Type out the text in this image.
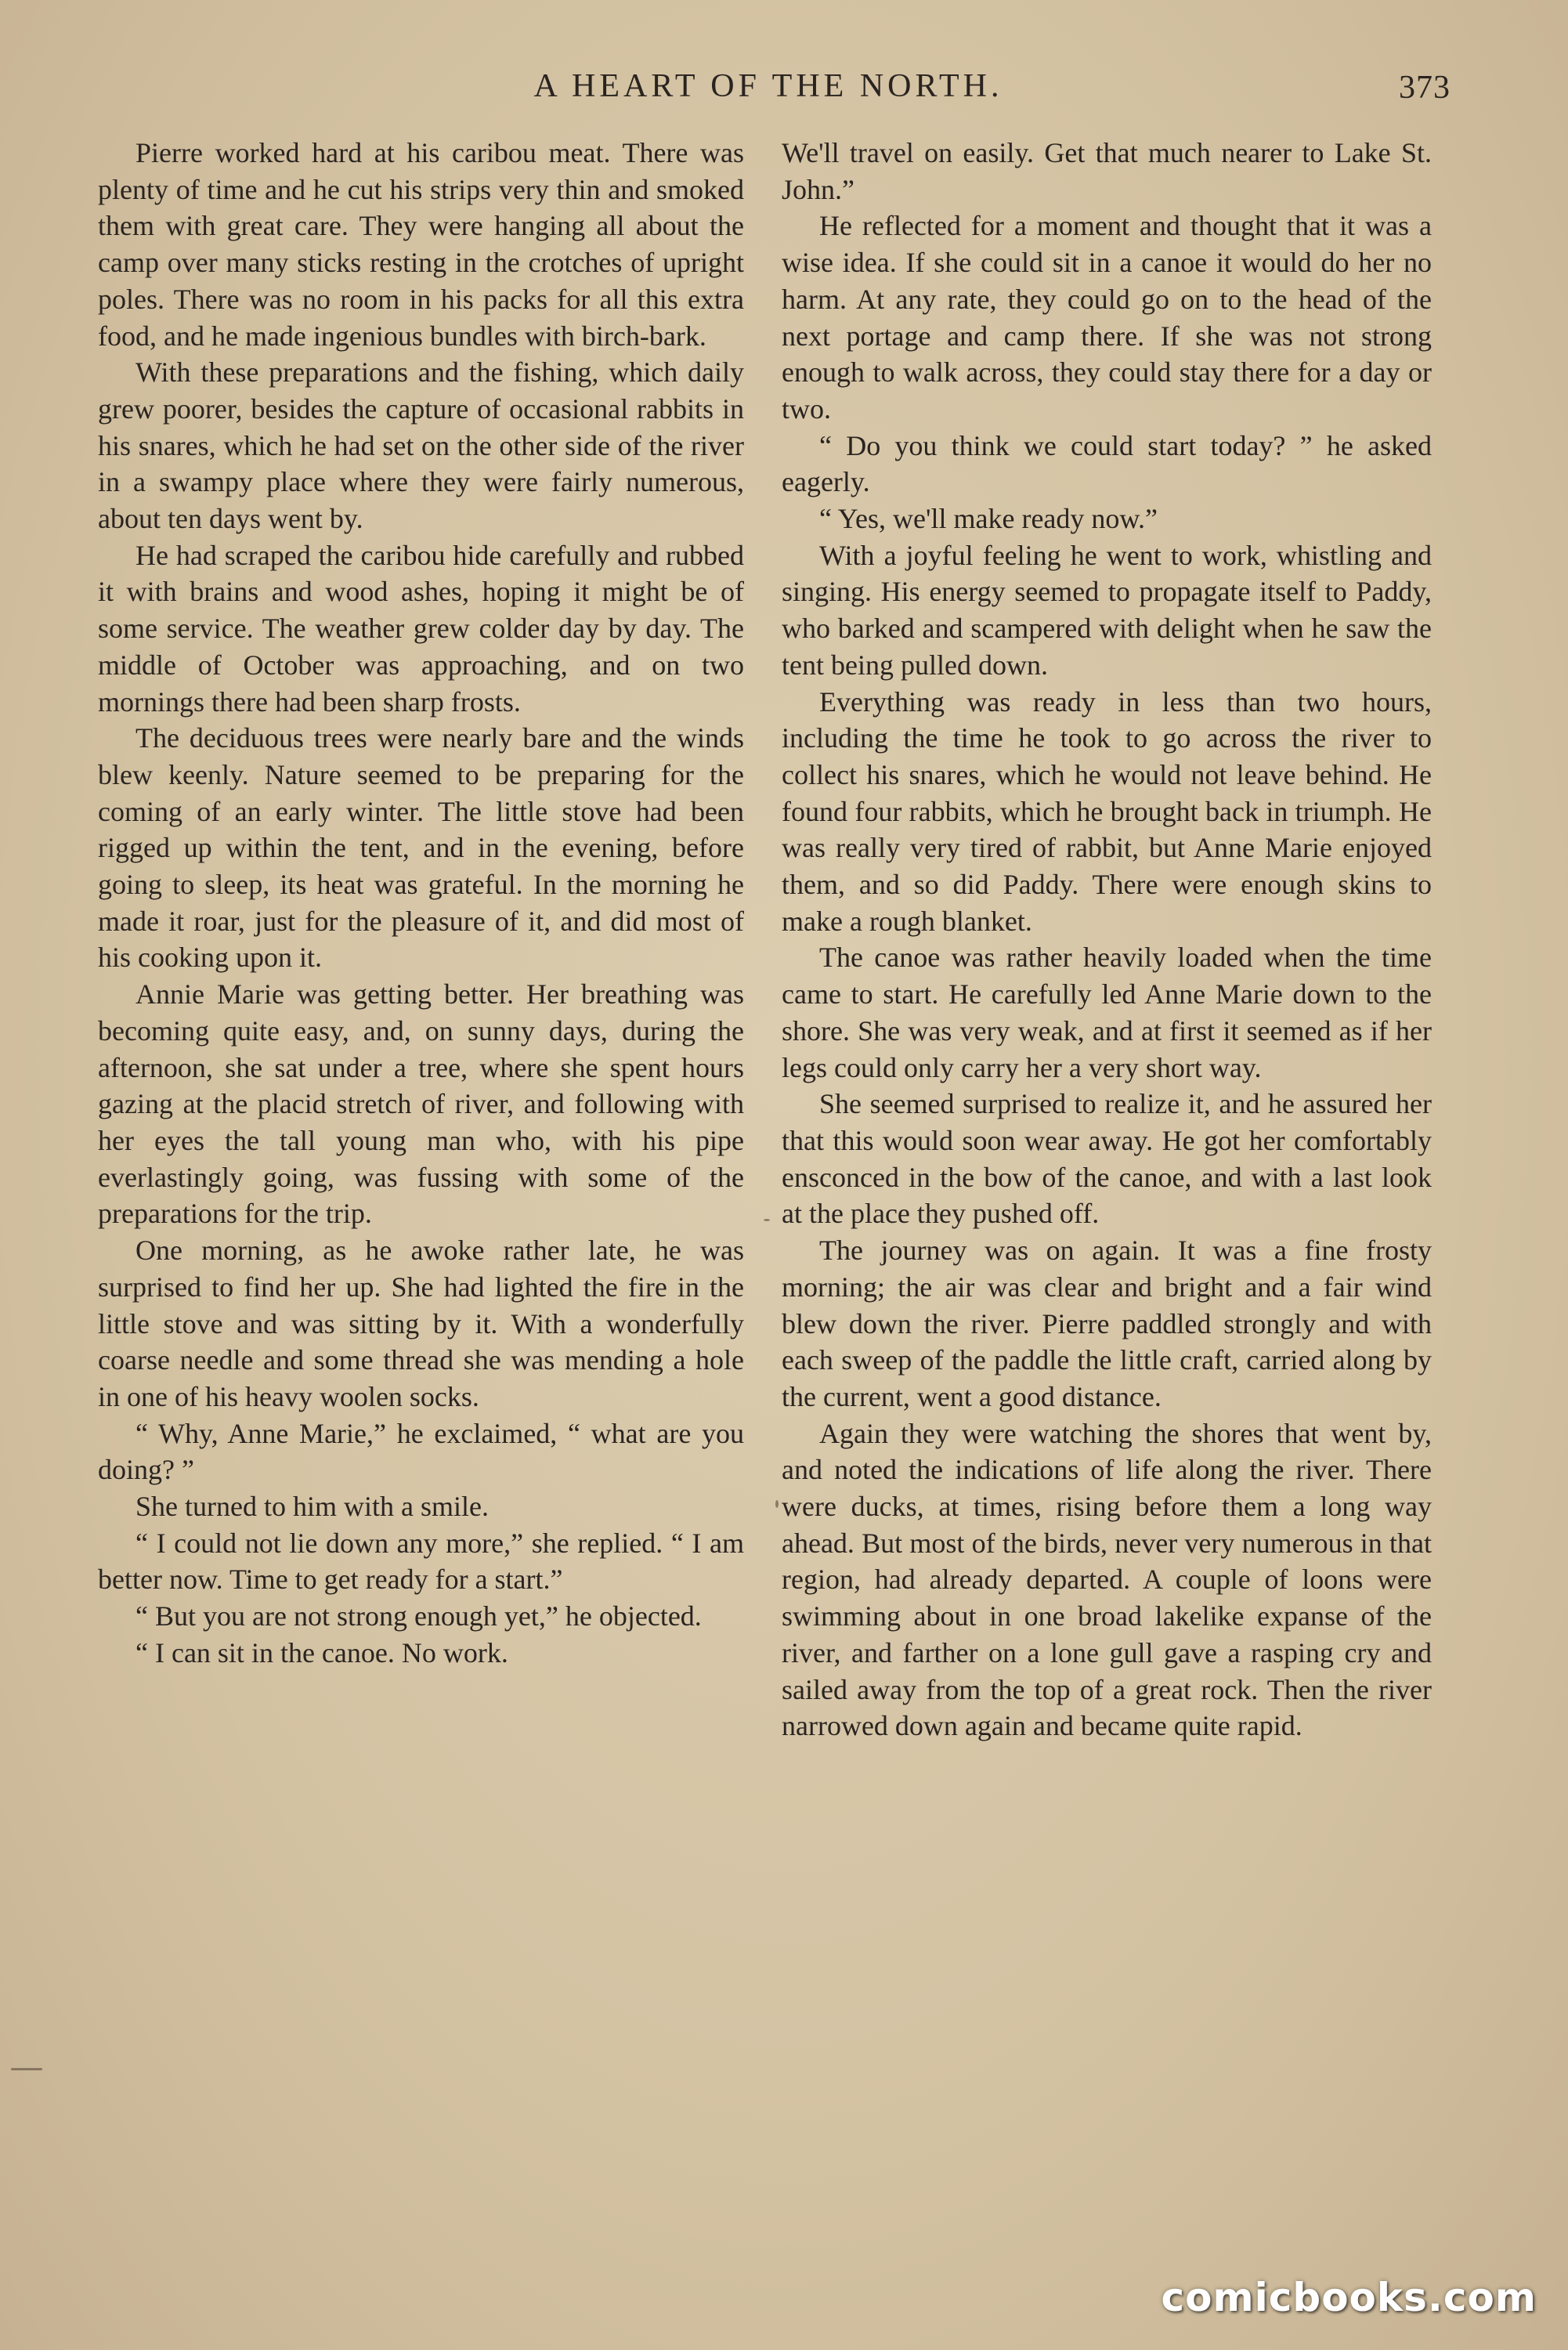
A HEART OF THE NORTH.	373

Pierre worked hard at his caribou meat. There was plenty of time and he cut his strips very thin and smoked them with great care. They were hanging all about the camp over many sticks resting in the crotches of upright poles. There was no room in his packs for all this extra food, and he made ingenious bundles with birch-bark.

With these preparations and the fishing, which daily grew poorer, besides the capture of occasional rabbits in his snares, which he had set on the other side of the river in a swampy place where they were fairly numerous, about ten days went by.

He had scraped the caribou hide carefully and rubbed it with brains and wood ashes, hoping it might be of some service. The weather grew colder day by day. The middle of October was approaching, and on two mornings there had been sharp frosts.

The deciduous trees were nearly bare and the winds blew keenly. Nature seemed to be preparing for the coming of an early winter. The little stove had been rigged up within the tent, and in the evening, before going to sleep, its heat was grateful. In the morning he made it roar, just for the pleasure of it, and did most of his cooking upon it.

Annie Marie was getting better. Her breathing was becoming quite easy, and, on sunny days, during the afternoon, she sat under a tree, where she spent hours gazing at the placid stretch of river, and following with her eyes the tall young man who, with his pipe everlastingly going, was fussing with some of the preparations for the trip.

One morning, as he awoke rather late, he was surprised to find her up. She had lighted the fire in the little stove and was sitting by it. With a wonderfully coarse needle and some thread she was mending a hole in one of his heavy woolen socks.

“ Why, Anne Marie,” he exclaimed, “ what are you doing? ”

She turned to him with a smile.

“ I could not lie down any more,” she replied. “ I am better now. Time to get ready for a start.”

“ But you are not strong enough yet,” he objected.

“ I can sit in the canoe. No work.

We'll travel on easily. Get that much nearer to Lake St. John.”

He reflected for a moment and thought that it was a wise idea. If she could sit in a canoe it would do her no harm. At any rate, they could go on to the head of the next portage and camp there. If she was not strong enough to walk across, they could stay there for a day or two.

“ Do you think we could start today? ” he asked eagerly.

“ Yes, we'll make ready now.”

With a joyful feeling he went to work, whistling and singing. His energy seemed to propagate itself to Paddy, who barked and scampered with delight when he saw the tent being pulled down.

Everything was ready in less than two hours, including the time he took to go across the river to collect his snares, which he would not leave behind. He found four rabbits, which he brought back in triumph. He was really very tired of rabbit, but Anne Marie enjoyed them, and so did Paddy. There were enough skins to make a rough blanket.

The canoe was rather heavily loaded when the time came to start. He carefully led Anne Marie down to the shore. She was very weak, and at first it seemed as if her legs could only carry her a very short way.

She seemed surprised to realize it, and he assured her that this would soon wear away. He got her comfortably ensconced in the bow of the canoe, and with a last look at the place they pushed off.

The journey was on again. It was a fine frosty morning; the air was clear and bright and a fair wind blew down the river. Pierre paddled strongly and with each sweep of the paddle the little craft, carried along by the current, went a good distance.

Again they were watching the shores that went by, and noted the indications of life along the river. There were ducks, at times, rising before them a long way ahead. But most of the birds, never very numerous in that region, had already departed. A couple of loons were swimming about in one broad lakelike expanse of the river, and farther on a lone gull gave a rasping cry and sailed away from the top of a great rock. Then the river narrowed down again and became quite rapid.

comicbooks.com
